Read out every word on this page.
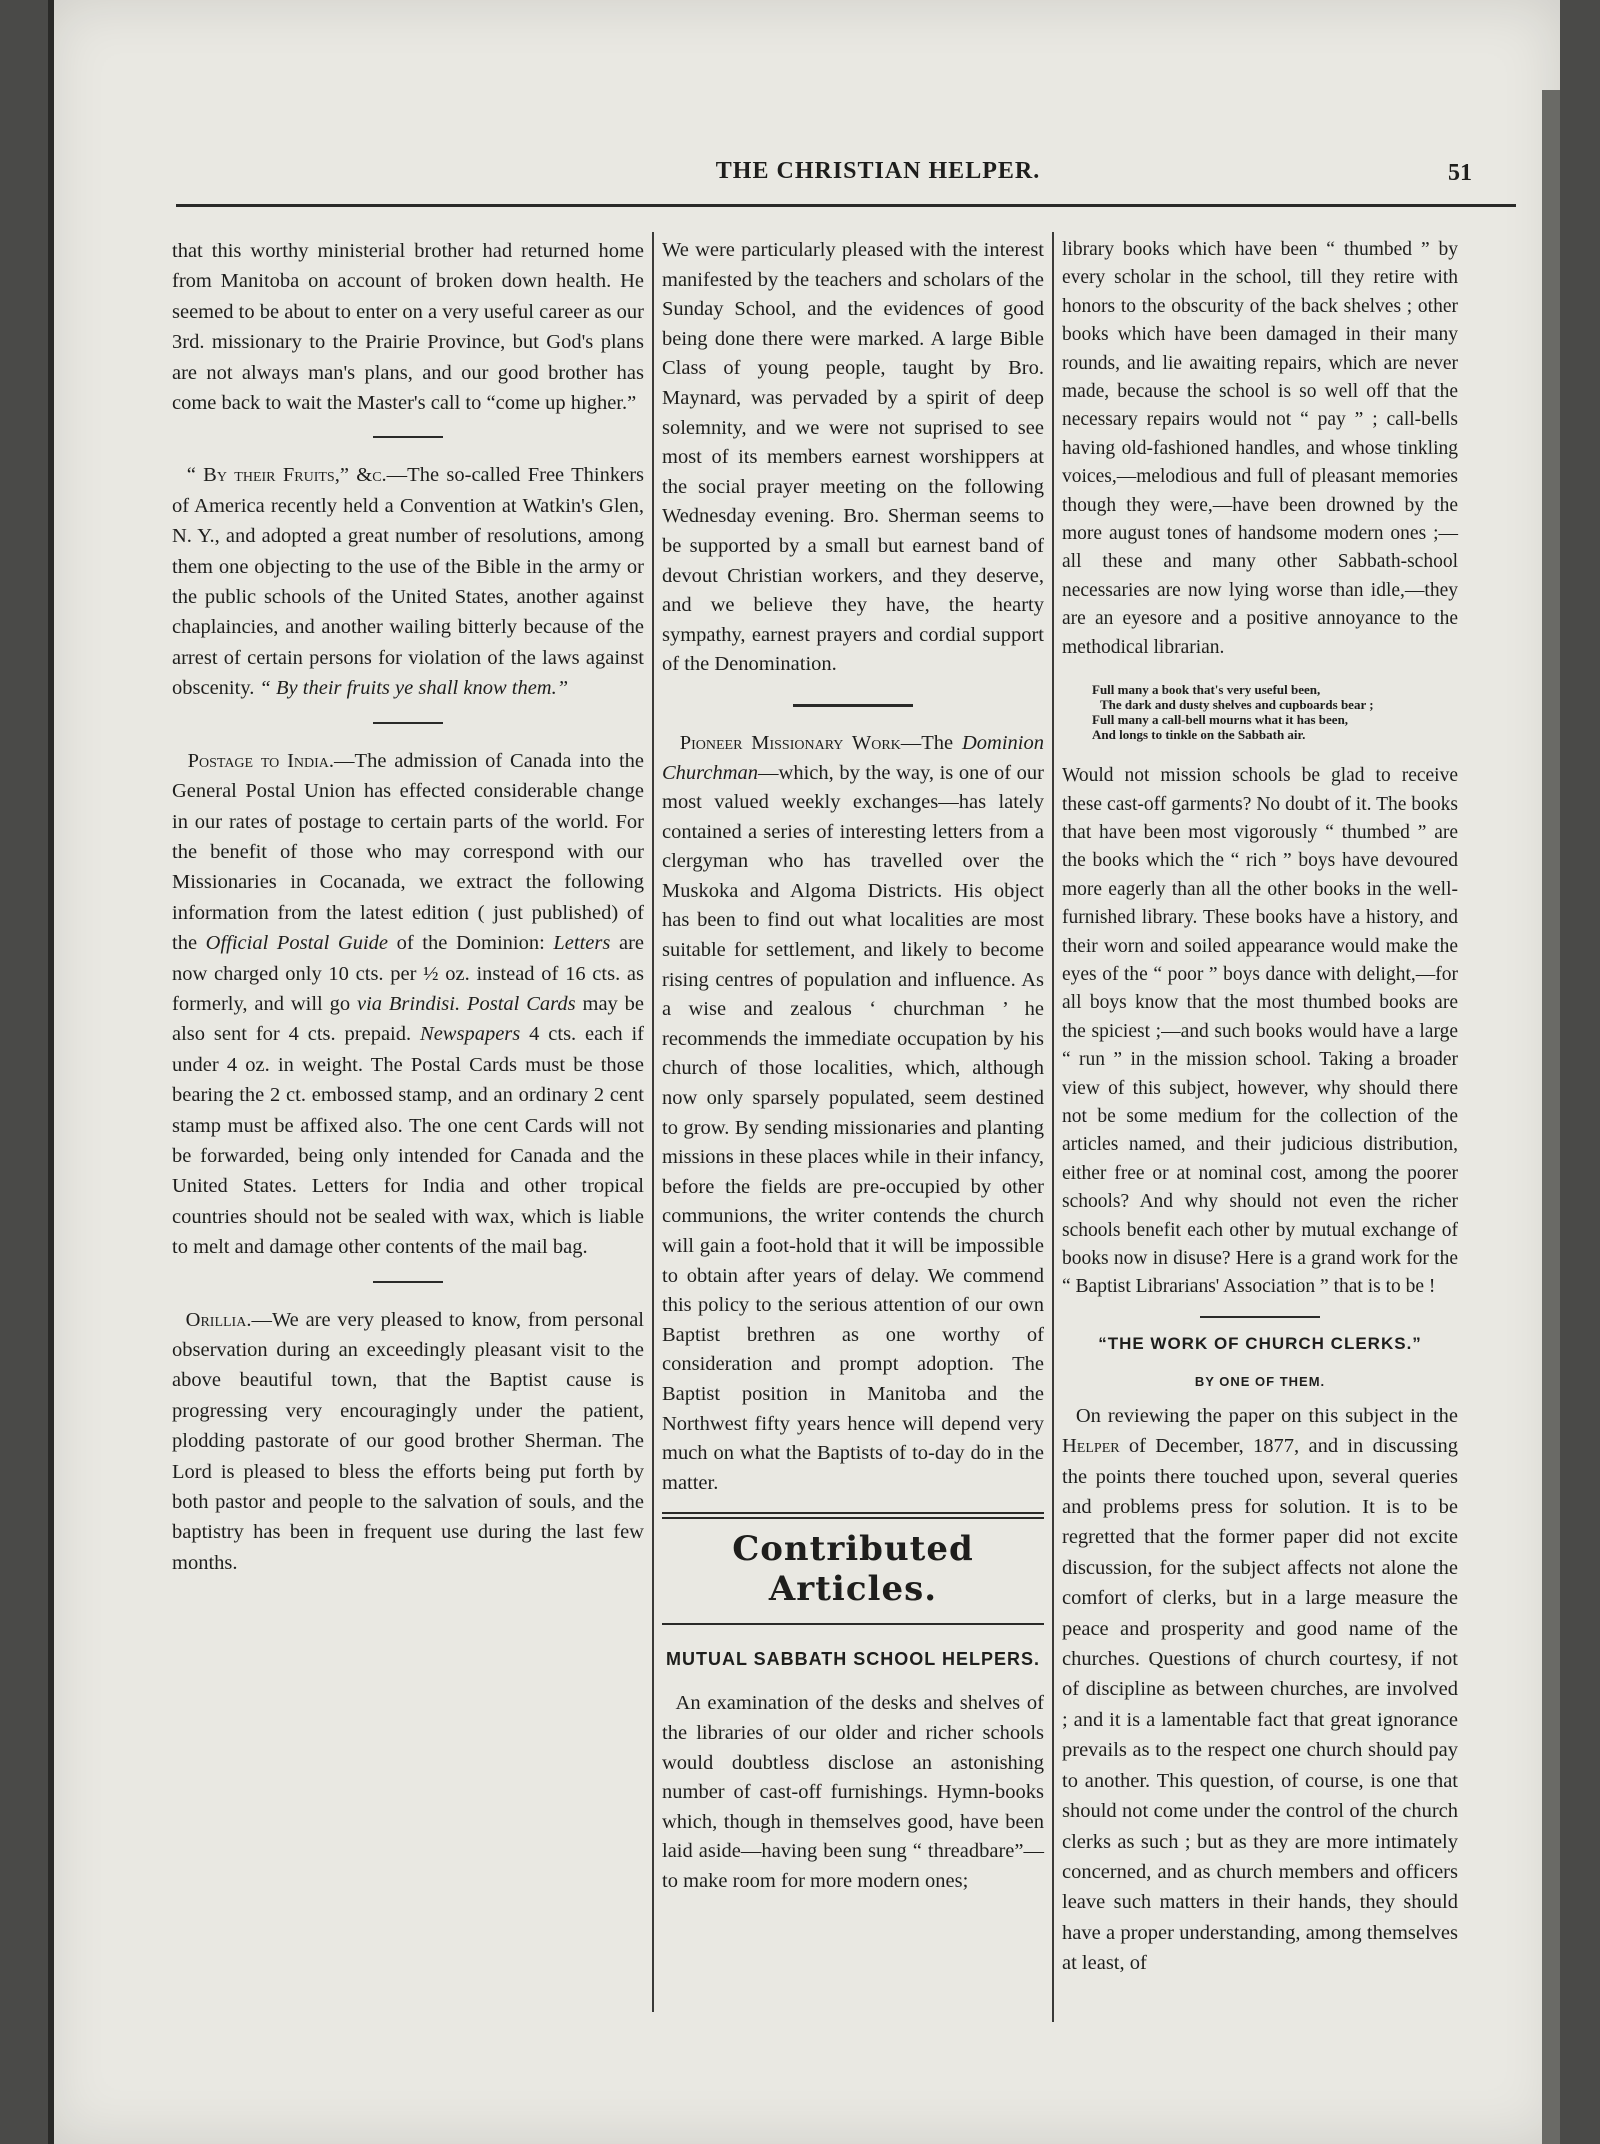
THE CHRISTIAN HELPER.	51

that this worthy ministerial brother had returned home from Manitoba on account of broken down health. He seemed to be about to enter on a very useful career as our 3rd. missionary to the Prairie Province, but God's plans are not always man's plans, and our good brother has come back to wait the Master's call to “come up higher.”

“ By their Fruits,” &c.—The so-called Free Thinkers of America recently held a Convention at Watkin's Glen, N. Y., and adopted a great number of resolutions, among them one objecting to the use of the Bible in the army or the public schools of the United States, another against chaplaincies, and another wailing bitterly because of the arrest of certain persons for violation of the laws against obscenity. “ By their fruits ye shall know them.”

Postage to India.—The admission of Canada into the General Postal Union has effected considerable change in our rates of postage to certain parts of the world. For the benefit of those who may correspond with our Missionaries in Cocanada, we extract the following information from the latest edition ( just published) of the Official Postal Guide of the Dominion: Letters are now charged only 10 cts. per ½ oz. instead of 16 cts. as formerly, and will go via Brindisi. Postal Cards may be also sent for 4 cts. prepaid. Newspapers 4 cts. each if under 4 oz. in weight. The Postal Cards must be those bearing the 2 ct. embossed stamp, and an ordinary 2 cent stamp must be affixed also. The one cent Cards will not be forwarded, being only intended for Canada and the United States. Letters for India and other tropical countries should not be sealed with wax, which is liable to melt and damage other contents of the mail bag.

Orillia.—We are very pleased to know, from personal observation during an exceedingly pleasant visit to the above beautiful town, that the Baptist cause is progressing very encouragingly under the patient, plodding pastorate of our good brother Sherman. The Lord is pleased to bless the efforts being put forth by both pastor and people to the salvation of souls, and the baptistry has been in frequent use during the last few months.

We were particularly pleased with the interest manifested by the teachers and scholars of the Sunday School, and the evidences of good being done there were marked. A large Bible Class of young people, taught by Bro. Maynard, was pervaded by a spirit of deep solemnity, and we were not suprised to see most of its members earnest worshippers at the social prayer meeting on the following Wednesday evening. Bro. Sherman seems to be supported by a small but earnest band of devout Christian workers, and they deserve, and we believe they have, the hearty sympathy, earnest prayers and cordial support of the Denomination.

Pioneer Missionary Work—The Dominion Churchman—which, by the way, is one of our most valued weekly exchanges—has lately contained a series of interesting letters from a clergyman who has travelled over the Muskoka and Algoma Districts. His object has been to find out what localities are most suitable for settlement, and likely to become rising centres of population and influence. As a wise and zealous ‘ churchman ’ he recommends the immediate occupation by his church of those localities, which, although now only sparsely populated, seem destined to grow. By sending missionaries and planting missions in these places while in their infancy, before the fields are pre-occupied by other communions, the writer contends the church will gain a foot-hold that it will be impossible to obtain after years of delay. We commend this policy to the serious attention of our own Baptist brethren as one worthy of consideration and prompt adoption. The Baptist position in Manitoba and the Northwest fifty years hence will depend very much on what the Baptists of to-day do in the matter.

Contributed Articles.
MUTUAL SABBATH SCHOOL HELPERS.

An examination of the desks and shelves of the libraries of our older and richer schools would doubtless disclose an astonishing number of cast-off furnishings. Hymn-books which, though in themselves good, have been laid aside—having been sung “ threadbare”—to make room for more modern ones;

library books which have been “ thumbed ” by every scholar in the school, till they retire with honors to the obscurity of the back shelves ; other books which have been damaged in their many rounds, and lie awaiting repairs, which are never made, because the school is so well off that the necessary repairs would not “ pay ” ; call-bells having old-fashioned handles, and whose tinkling voices,—melodious and full of pleasant memories though they were,—have been drowned by the more august tones of handsome modern ones ;—all these and many other Sabbath-school necessaries are now lying worse than idle,—they are an eyesore and a positive annoyance to the methodical librarian.

Full many a book that's very useful been,
The dark and dusty shelves and cupboards bear ;
Full many a call-bell mourns what it has been,
And longs to tinkle on the Sabbath air.

Would not mission schools be glad to receive these cast-off garments? No doubt of it. The books that have been most vigorously “ thumbed ” are the books which the “ rich ” boys have devoured more eagerly than all the other books in the well-furnished library. These books have a history, and their worn and soiled appearance would make the eyes of the “ poor ” boys dance with delight,—for all boys know that the most thumbed books are the spiciest ;—and such books would have a large “ run ” in the mission school. Taking a broader view of this subject, however, why should there not be some medium for the collection of the articles named, and their judicious distribution, either free or at nominal cost, among the poorer schools? And why should not even the richer schools benefit each other by mutual exchange of books now in disuse? Here is a grand work for the “ Baptist Librarians' Association ” that is to be !

“THE WORK OF CHURCH CLERKS.”
BY ONE OF THEM.

On reviewing the paper on this subject in the Helper of December, 1877, and in discussing the points there touched upon, several queries and problems press for solution. It is to be regretted that the former paper did not excite discussion, for the subject affects not alone the comfort of clerks, but in a large measure the peace and prosperity and good name of the churches. Questions of church courtesy, if not of discipline as between churches, are involved ; and it is a lamentable fact that great ignorance prevails as to the respect one church should pay to another. This question, of course, is one that should not come under the control of the church clerks as such ; but as they are more intimately concerned, and as church members and officers leave such matters in their hands, they should have a proper understanding, among themselves at least, of
